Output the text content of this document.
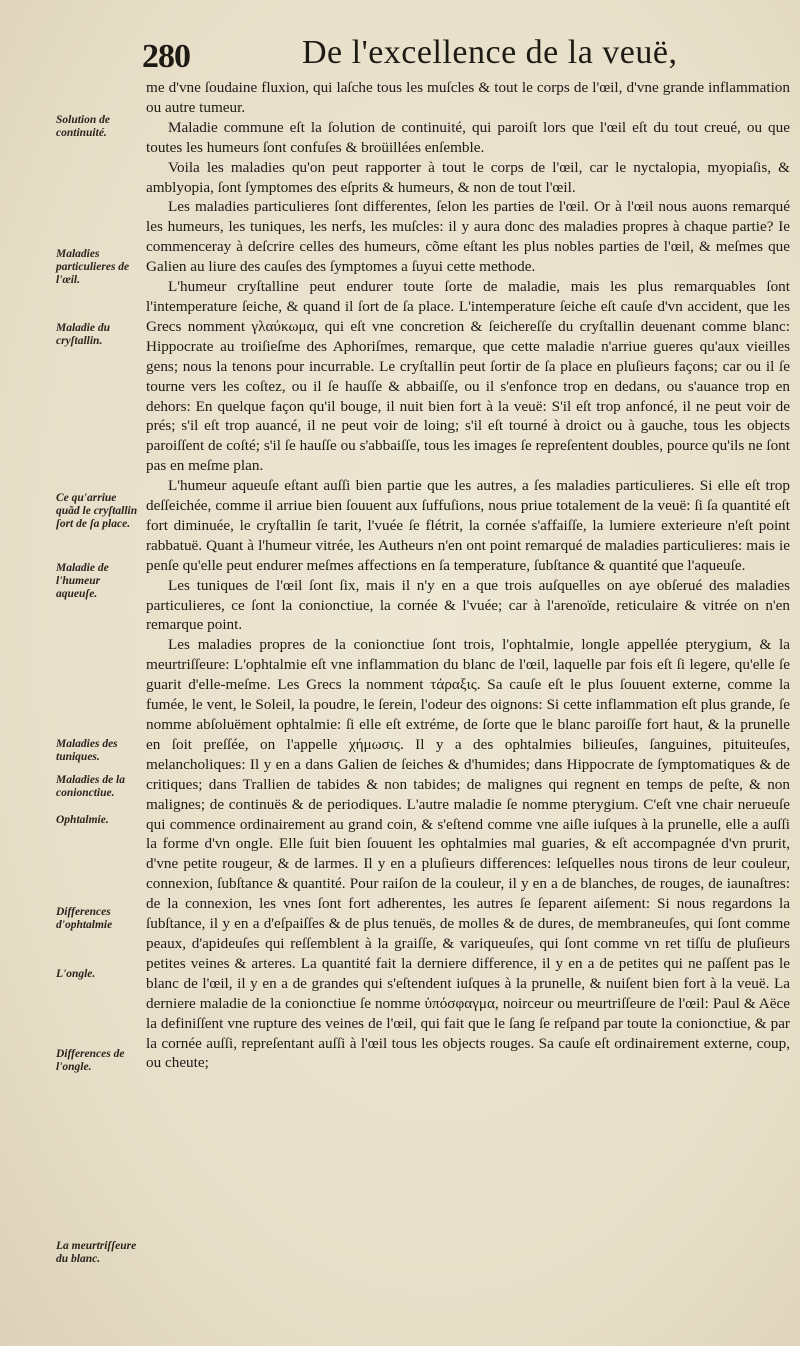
280	De l'excellence de la veuë,
Solution de continuité.
Maladies particulieres de l'œil.
Maladie du cryſtallin.
Ce qu'arriue quãd le cryſtallin ſort de ſa place.
Maladie de l'humeur aqueuſe.
Maladies des tuniques.
Maladies de la conionctiue.
Ophtalmie.
Differences d'ophtalmie
L'ongle.
Differences de l'ongle.
La meurtriſſeure du blanc.

me d'vne ſoudaine fluxion, qui laſche tous les muſcles & tout le corps de l'œil, d'vne grande inflammation ou autre tumeur.

Maladie commune eſt la ſolution de continuité, qui paroiſt lors que l'œil eſt du tout creué, ou que toutes les humeurs ſont confuſes & broüillées enſemble.

Voila les maladies qu'on peut rapporter à tout le corps de l'œil, car le nyctalopia, myopiaſis, & amblyopia, ſont ſymptomes des eſprits & humeurs, & non de tout l'œil.

Les maladies particulieres ſont differentes, ſelon les parties de l'œil. Or à l'œil nous auons remarqué les humeurs, les tuniques, les nerfs, les muſcles: il y aura donc des maladies propres à chaque partie? Ie commenceray à deſcrire celles des humeurs, cõme eſtant les plus nobles parties de l'œil, & meſmes que Galien au liure des cauſes des ſymptomes a ſuyui cette methode.

L'humeur cryſtalline peut endurer toute ſorte de maladie, mais les plus remarquables ſont l'intemperature ſeiche, & quand il ſort de ſa place. L'intemperature ſeiche eſt cauſe d'vn accident, que les Grecs nomment γλαύκωμα, qui eſt vne concretion & ſeichereſſe du cryſtallin deuenant comme blanc: Hippocrate au troiſieſme des Aphoriſmes, remarque, que cette maladie n'arriue gueres qu'aux vieilles gens; nous la tenons pour incurrable. Le cryſtallin peut ſortir de ſa place en pluſieurs façons; car ou il ſe tourne vers les coſtez, ou il ſe hauſſe & abbaiſſe, ou il s'enfonce trop en dedans, ou s'auance trop en dehors: En quelque façon qu'il bouge, il nuit bien fort à la veuë: S'il eſt trop anfoncé, il ne peut voir de prés; s'il eſt trop auancé, il ne peut voir de loing; s'il eſt tourné à droict ou à gauche, tous les objects paroiſſent de coſté; s'il ſe hauſſe ou s'abbaiſſe, tous les images ſe repreſentent doubles, pource qu'ils ne ſont pas en meſme plan.

L'humeur aqueuſe eſtant auſſi bien partie que les autres, a ſes maladies particulieres. Si elle eſt trop deſſeichée, comme il arriue bien ſouuent aux ſuffuſions, nous priue totalement de la veuë: ſi ſa quantité eſt fort diminuée, le cryſtallin ſe tarit, l'vuée ſe flétrit, la cornée s'affaiſſe, la lumiere exterieure n'eſt point rabbatuë. Quant à l'humeur vitrée, les Autheurs n'en ont point remarqué de maladies particulieres: mais ie penſe qu'elle peut endurer meſmes affections en ſa temperature, ſubſtance & quantité que l'aqueuſe.

Les tuniques de l'œil ſont ſix, mais il n'y en a que trois auſquelles on aye obſerué des maladies particulieres, ce ſont la conionctiue, la cornée & l'vuée; car à l'arenoïde, reticulaire & vitrée on n'en remarque point.

Les maladies propres de la conionctiue ſont trois, l'ophtalmie, longle appellée pterygium, & la meurtriſſeure: L'ophtalmie eſt vne inflammation du blanc de l'œil, laquelle par fois eſt ſi legere, qu'elle ſe guarit d'elle-meſme. Les Grecs la nomment τάραξις. Sa cauſe eſt le plus ſouuent externe, comme la fumée, le vent, le Soleil, la poudre, le ſerein, l'odeur des oignons: Si cette inflammation eſt plus grande, ſe nomme abſoluëment ophtalmie: ſi elle eſt extréme, de ſorte que le blanc paroiſſe fort haut, & la prunelle en ſoit preſſée, on l'appelle χήμωσις. Il y a des ophtalmies bilieuſes, ſanguines, pituiteuſes, melancholiques: Il y en a dans Galien de ſeiches & d'humides; dans Hippocrate de ſymptomatiques & de critiques; dans Trallien de tabides & non tabides; de malignes qui regnent en temps de peſte, & non malignes; de continuës & de periodiques. L'autre maladie ſe nomme pterygium. C'eſt vne chair nerueuſe qui commence ordinairement au grand coin, & s'eſtend comme vne aiſle iuſques à la prunelle, elle a auſſi la forme d'vn ongle. Elle ſuit bien ſouuent les ophtalmies mal guaries, & eſt accompagnée d'vn prurit, d'vne petite rougeur, & de larmes. Il y en a pluſieurs differences: leſquelles nous tirons de leur couleur, connexion, ſubſtance & quantité. Pour raiſon de la couleur, il y en a de blanches, de rouges, de iaunaſtres: de la connexion, les vnes ſont fort adherentes, les autres ſe ſeparent aiſement: Si nous regardons la ſubſtance, il y en a d'eſpaiſſes & de plus tenuës, de molles & de dures, de membraneuſes, qui ſont comme peaux, d'apideuſes qui reſſemblent à la graiſſe, & variqueuſes, qui ſont comme vn ret tiſſu de pluſieurs petites veines & arteres. La quantité fait la derniere difference, il y en a de petites qui ne paſſent pas le blanc de l'œil, il y en a de grandes qui s'eſtendent iuſques à la prunelle, & nuiſent bien fort à la veuë. La derniere maladie de la conionctiue ſe nomme ὑπόσφαγμα, noirceur ou meurtriſſeure de l'œil: Paul & Aëce la definiſſent vne rupture des veines de l'œil, qui fait que le ſang ſe reſpand par toute la conionctiue, & par la cornée auſſi, repreſentant auſſi à l'œil tous les objects rouges. Sa cauſe eſt ordinairement externe, coup, ou cheute;
